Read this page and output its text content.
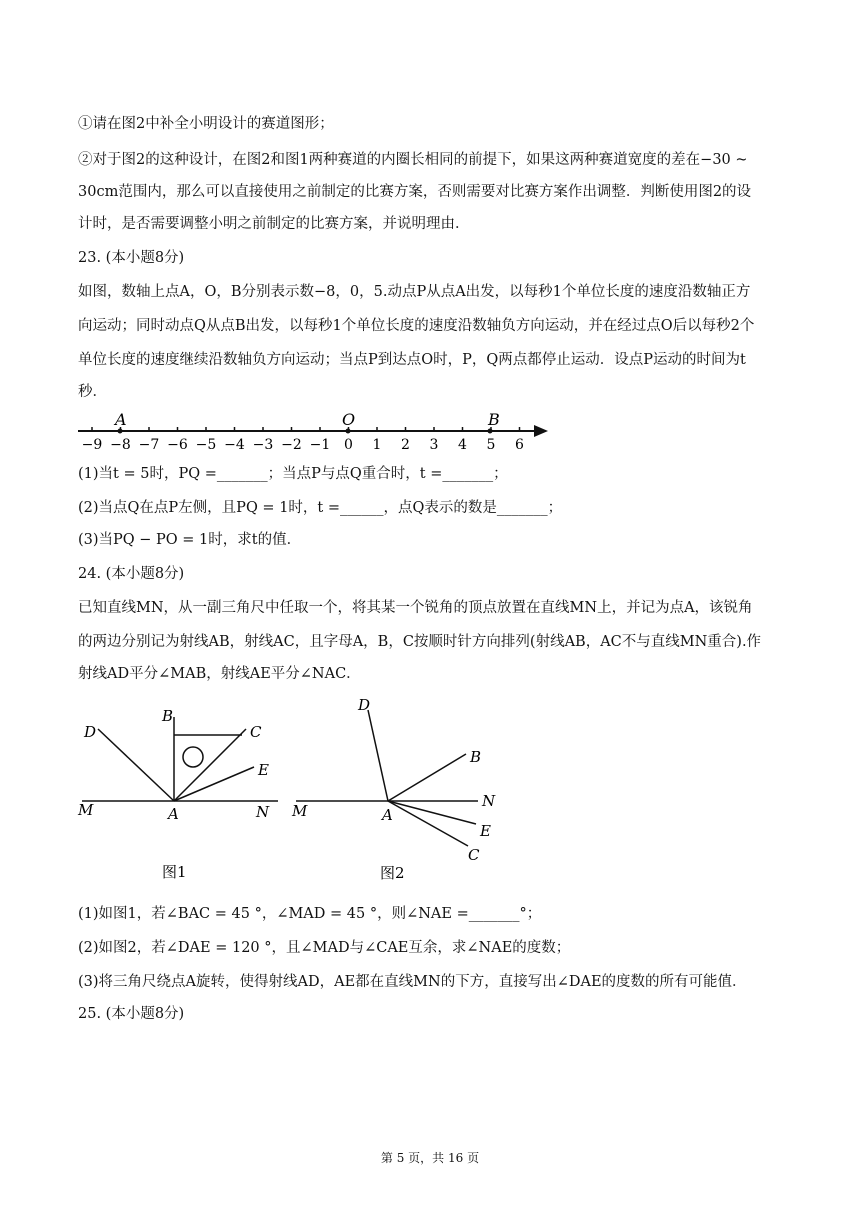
①请在图2中补全小明设计的赛道图形；
②对于图2的这种设计，在图2和图1两种赛道的内圈长相同的前提下，如果这两种赛道宽度的差在−30 ~
30cm范围内，那么可以直接使用之前制定的比赛方案，否则需要对比赛方案作出调整．判断使用图2的设
计时，是否需要调整小明之前制定的比赛方案，并说明理由．
23. (本小题8分)
如图，数轴上点A，O，B分别表示数−8，0，5.动点P从点A出发，以每秒1个单位长度的速度沿数轴正方
向运动；同时动点Q从点B出发，以每秒1个单位长度的速度沿数轴负方向运动，并在经过点O后以每秒2个
单位长度的速度继续沿数轴负方向运动；当点P到达点O时，P，Q两点都停止运动．设点P运动的时间为t
秒．
−9 −8 −7 −6 −5 −4 −3 −2 −1 0 1 2 3 4 5 6
A	O	B
(1)当t = 5时，PQ =_______；当点P与点Q重合时，t =_______；
(2)当点Q在点P左侧，且PQ = 1时，t =______，点Q表示的数是_______；
(3)当PQ − PO = 1时，求t的值．
24. (本小题8分)
已知直线MN，从一副三角尺中任取一个，将其某一个锐角的顶点放置在直线MN上，并记为点A，该锐角
的两边分别记为射线AB，射线AC，且字母A，B，C按顺时针方向排列(射线AB，AC不与直线MN重合).作
射线AD平分∠MAB，射线AE平分∠NAC．
D
B
C
E
M	A	N
图1
D
B
N
M	A
E
C
图2
(1)如图1，若∠BAC = 45 °，∠MAD = 45 °，则∠NAE =_______°；
(2)如图2，若∠DAE = 120 °，且∠MAD与∠CAE互余，求∠NAE的度数；
(3)将三角尺绕点A旋转，使得射线AD，AE都在直线MN的下方，直接写出∠DAE的度数的所有可能值．
25. (本小题8分)
第 5 页，共 16 页
